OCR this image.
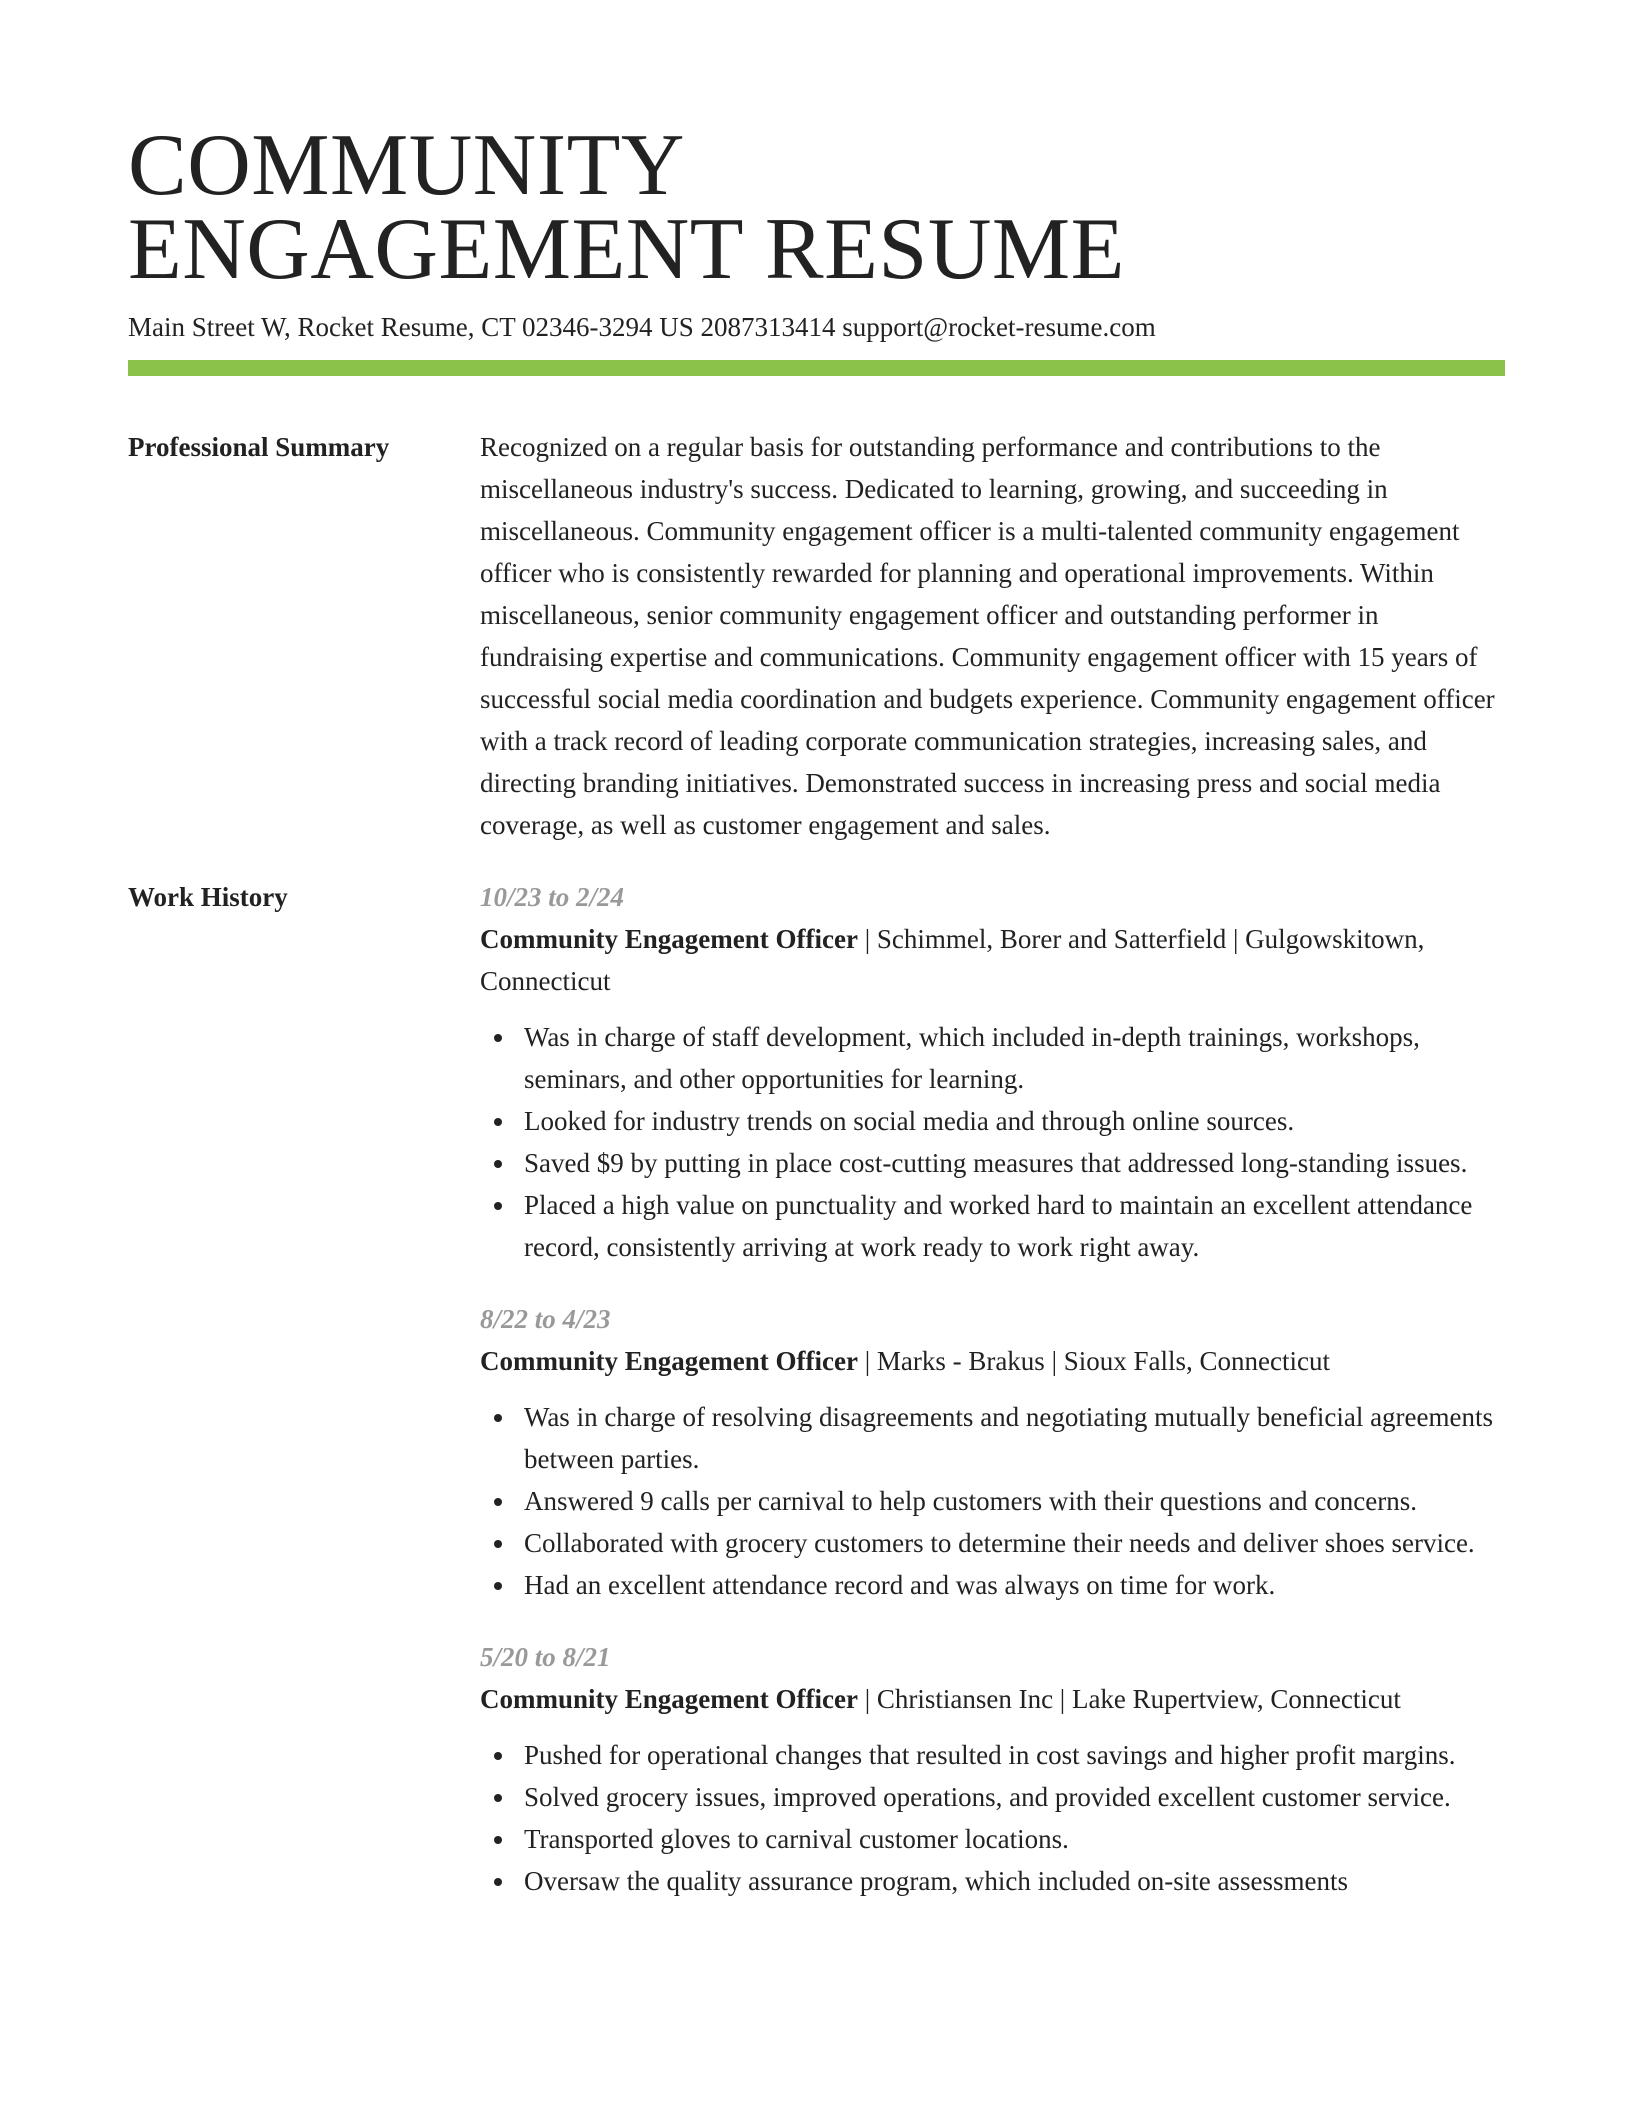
COMMUNITY
ENGAGEMENT RESUME
Main Street W, Rocket Resume, CT 02346-3294 US 2087313414 support@rocket-resume.com
Professional Summary	Recognized on a regular basis for outstanding performance and contributions to the miscellaneous industry's success. Dedicated to learning, growing, and succeeding in miscellaneous. Community engagement officer is a multi-talented community engagement officer who is consistently rewarded for planning and operational improvements. Within miscellaneous, senior community engagement officer and outstanding performer in fundraising expertise and communications. Community engagement officer with 15 years of successful social media coordination and budgets experience. Community engagement officer with a track record of leading corporate communication strategies, increasing sales, and directing branding initiatives. Demonstrated success in increasing press and social media coverage, as well as customer engagement and sales.
Work History	10/23 to 2/24
Community Engagement Officer | Schimmel, Borer and Satterfield | Gulgowskitown, Connecticut
Was in charge of staff development, which included in-depth trainings, workshops, seminars, and other opportunities for learning.
Looked for industry trends on social media and through online sources.
Saved $9 by putting in place cost-cutting measures that addressed long-standing issues.
Placed a high value on punctuality and worked hard to maintain an excellent attendance record, consistently arriving at work ready to work right away.
8/22 to 4/23
Community Engagement Officer | Marks - Brakus | Sioux Falls, Connecticut
Was in charge of resolving disagreements and negotiating mutually beneficial agreements between parties.
Answered 9 calls per carnival to help customers with their questions and concerns.
Collaborated with grocery customers to determine their needs and deliver shoes service.
Had an excellent attendance record and was always on time for work.
5/20 to 8/21
Community Engagement Officer | Christiansen Inc | Lake Rupertview, Connecticut
Pushed for operational changes that resulted in cost savings and higher profit margins.
Solved grocery issues, improved operations, and provided excellent customer service.
Transported gloves to carnival customer locations.
Oversaw the quality assurance program, which included on-site assessments
